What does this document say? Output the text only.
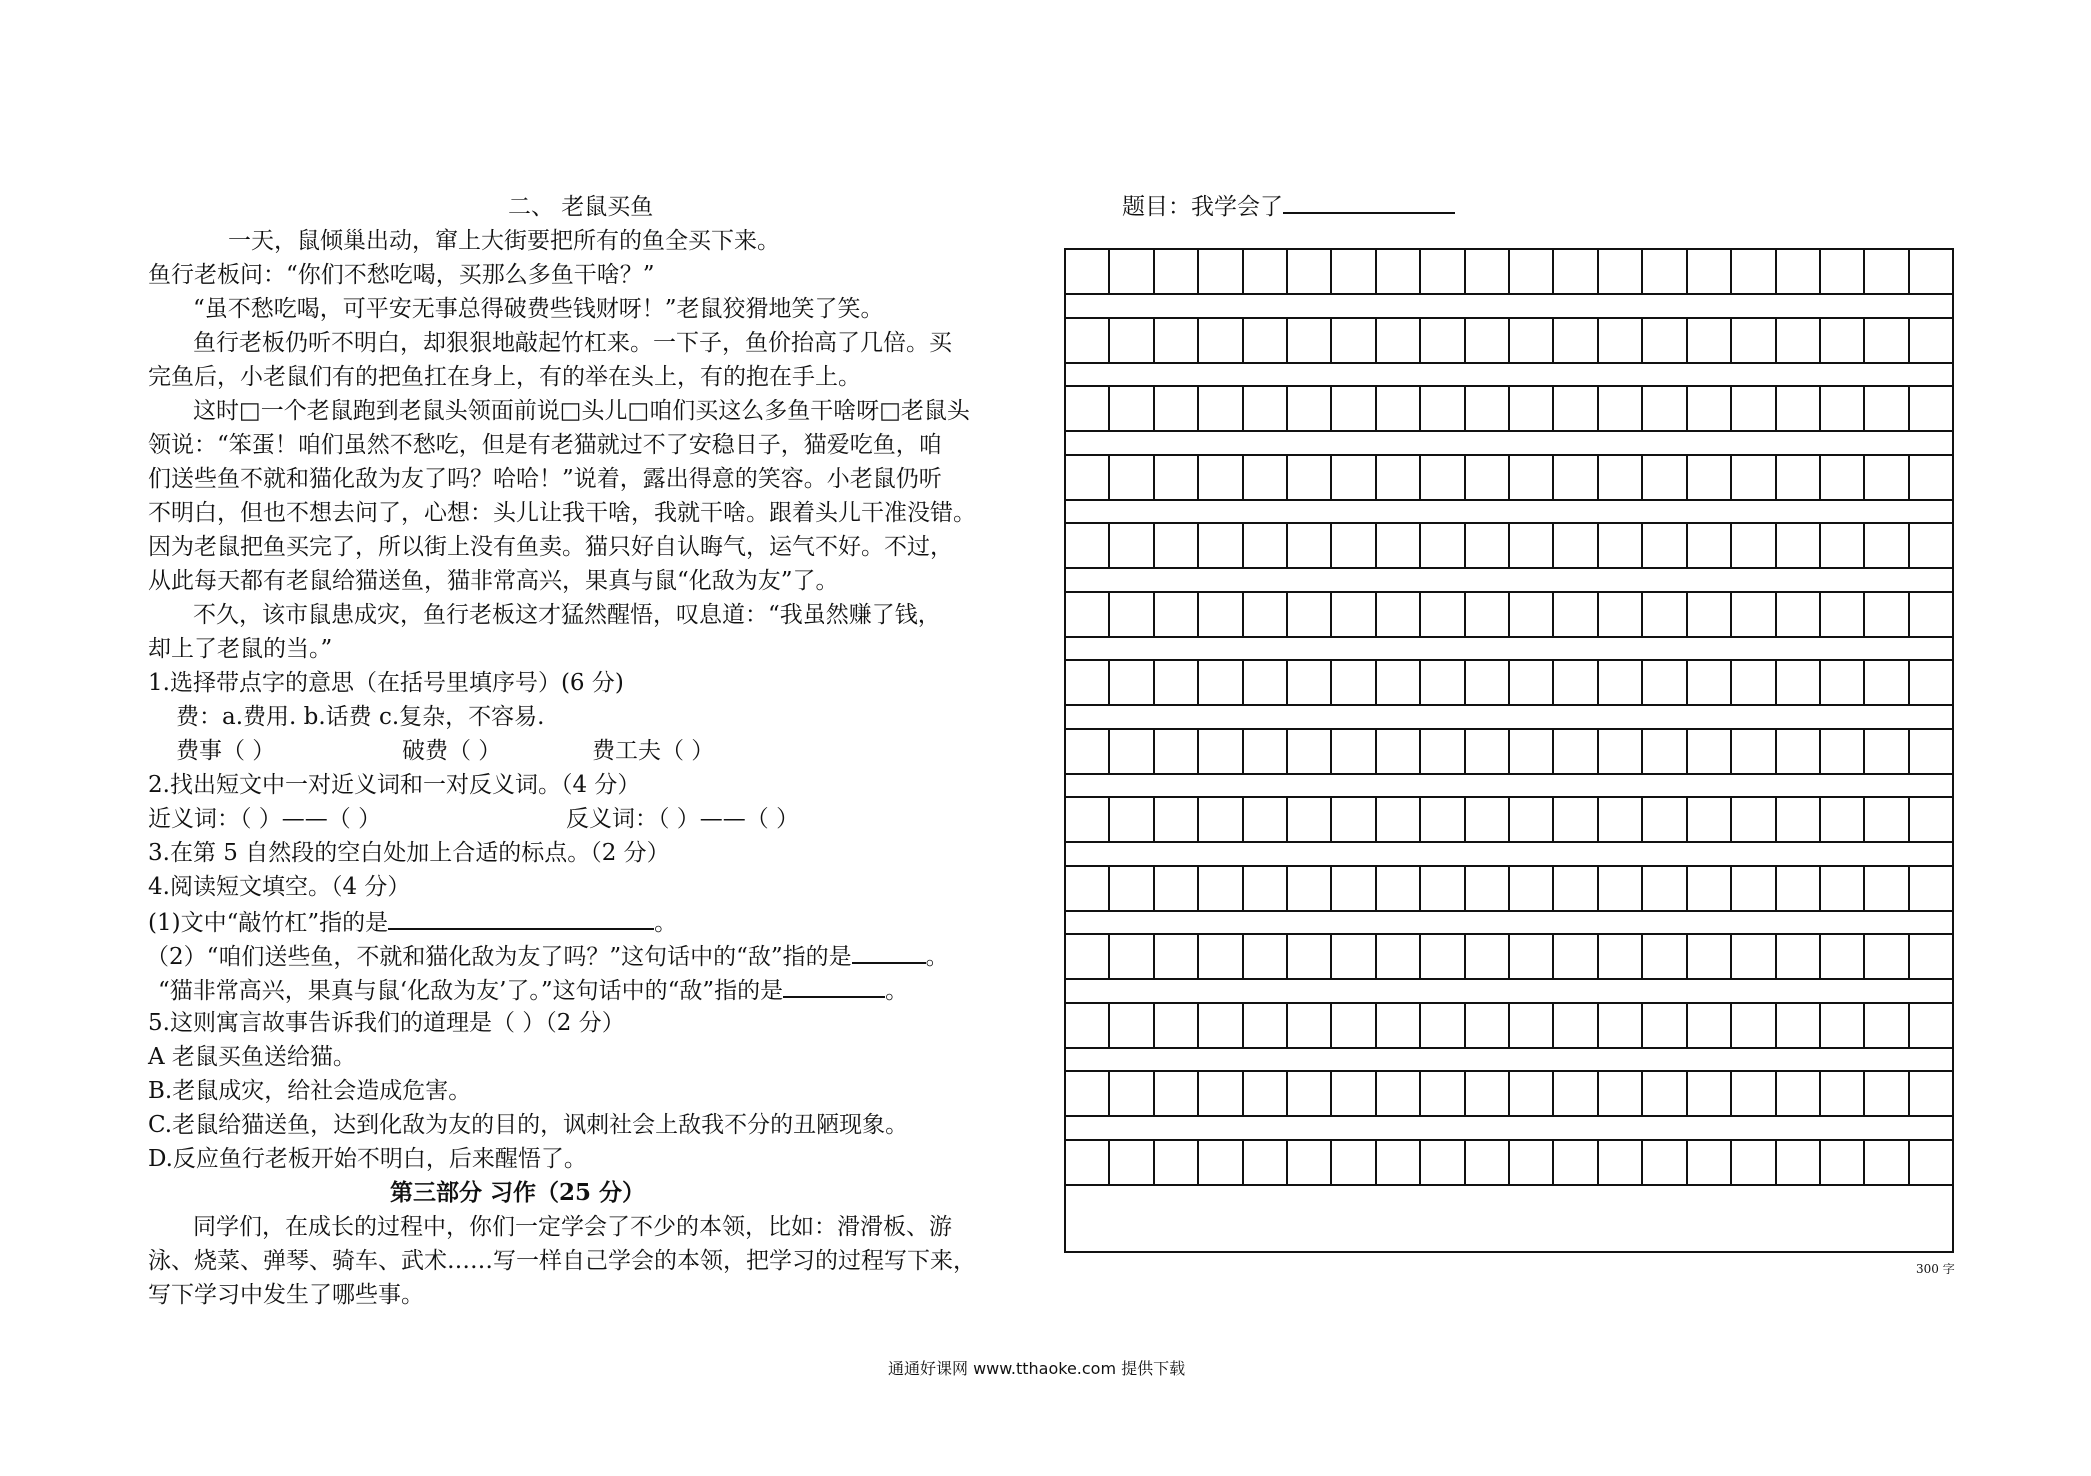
二、 老鼠买鱼
一天，鼠倾巢出动，窜上大街要把所有的鱼全买下来。
鱼行老板问：“你们不愁吃喝，买那么多鱼干啥？”
“虽不愁吃喝，可平安无事总得破费些钱财呀！”老鼠狡猾地笑了笑。
鱼行老板仍听不明白，却狠狠地敲起竹杠来。一下子，鱼价抬高了几倍。买
完鱼后，小老鼠们有的把鱼扛在身上，有的举在头上，有的抱在手上。
这时□一个老鼠跑到老鼠头领面前说□头儿□咱们买这么多鱼干啥呀□老鼠头
领说：“笨蛋！咱们虽然不愁吃，但是有老猫就过不了安稳日子，猫爱吃鱼，咱
们送些鱼不就和猫化敌为友了吗？哈哈！”说着，露出得意的笑容。小老鼠仍听
不明白，但也不想去问了，心想：头儿让我干啥，我就干啥。跟着头儿干准没错。
因为老鼠把鱼买完了，所以街上没有鱼卖。猫只好自认晦气，运气不好。不过，
从此每天都有老鼠给猫送鱼，猫非常高兴，果真与鼠“化敌为友”了。
不久，该市鼠患成灾，鱼行老板这才猛然醒悟，叹息道：“我虽然赚了钱，
却上了老鼠的当。”
1.选择带点字的意思（在括号里填序号）(6 分)
费：a.费用. b.话费 c.复杂，不容易.
费事（ ）	破费（ ）	费工夫（ ）
2.找出短文中一对近义词和一对反义词。（4 分）
近义词：（ ）——（ ）	反义词：（ ）——（ ）
3.在第 5 自然段的空白处加上合适的标点。（2 分）
4.阅读短文填空。（4 分）
(1)文中“敲竹杠”指的是	。
（2）“咱们送些鱼，不就和猫化敌为友了吗？”这句话中的“敌”指的是	。
“猫非常高兴，果真与鼠‘化敌为友’了。”这句话中的“敌”指的是	。
5.这则寓言故事告诉我们的道理是（ ）（2 分）
A 老鼠买鱼送给猫。
B.老鼠成灾，给社会造成危害。
C.老鼠给猫送鱼，达到化敌为友的目的，讽刺社会上敌我不分的丑陋现象。
D.反应鱼行老板开始不明白，后来醒悟了。
第三部分 习作（25 分）
同学们，在成长的过程中，你们一定学会了不少的本领，比如：滑滑板、游
泳、烧菜、弹琴、骑车、武术……写一样自己学会的本领，把学习的过程写下来，
写下学习中发生了哪些事。
题目：我学会了
300 字
通通好课网 www.tthaoke.com 提供下载
